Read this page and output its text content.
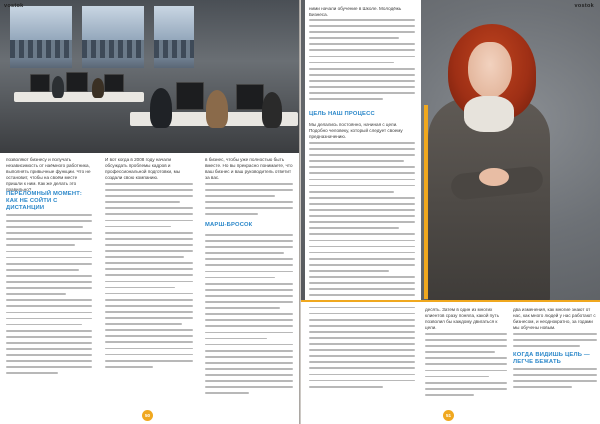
vostok

позволяют бизнесу и получать независимость от наёмного работника, выполнять привычные функции. Что не остановит, чтобы на своём месте пришли к ним. Как же делать это правильно?

ПЕРЕЛОМНЫЙ МОМЕНТ: КАК НЕ СОЙТИ С ДИСТАНЦИИ

И вот когда в 2008 году начали обсуждать проблемы кадров и профессиональной подготовки, мы создали свою компанию.

в бизнес, чтобы уже полностью быть вместе. Но вы прекрасно понимаете, что ваш бизнес и ваш руководитель ответит за вас.

МАРШ-БРОСОК
50
vostok

ними начали обучение в Школе. Молодёжь Бизнеса.

ЦЕЛЬ НАШ ПРОЦЕСС

Мы делались постоянно, начиная с цели. Подобно человеку, который следует своему предназначению.

десять. Затем в один из многих клиентов сразу поняла, какой путь позволил бы каждому двигаться к цели.

два изменения, как многие знают от нас, как много людей у нас работают с бизнесом, и неоднократно, за годами мы обучены новым.

КОГДА ВИДИШЬ ЦЕЛЬ — ЛЕГЧЕ БЕЖАТЬ
51
